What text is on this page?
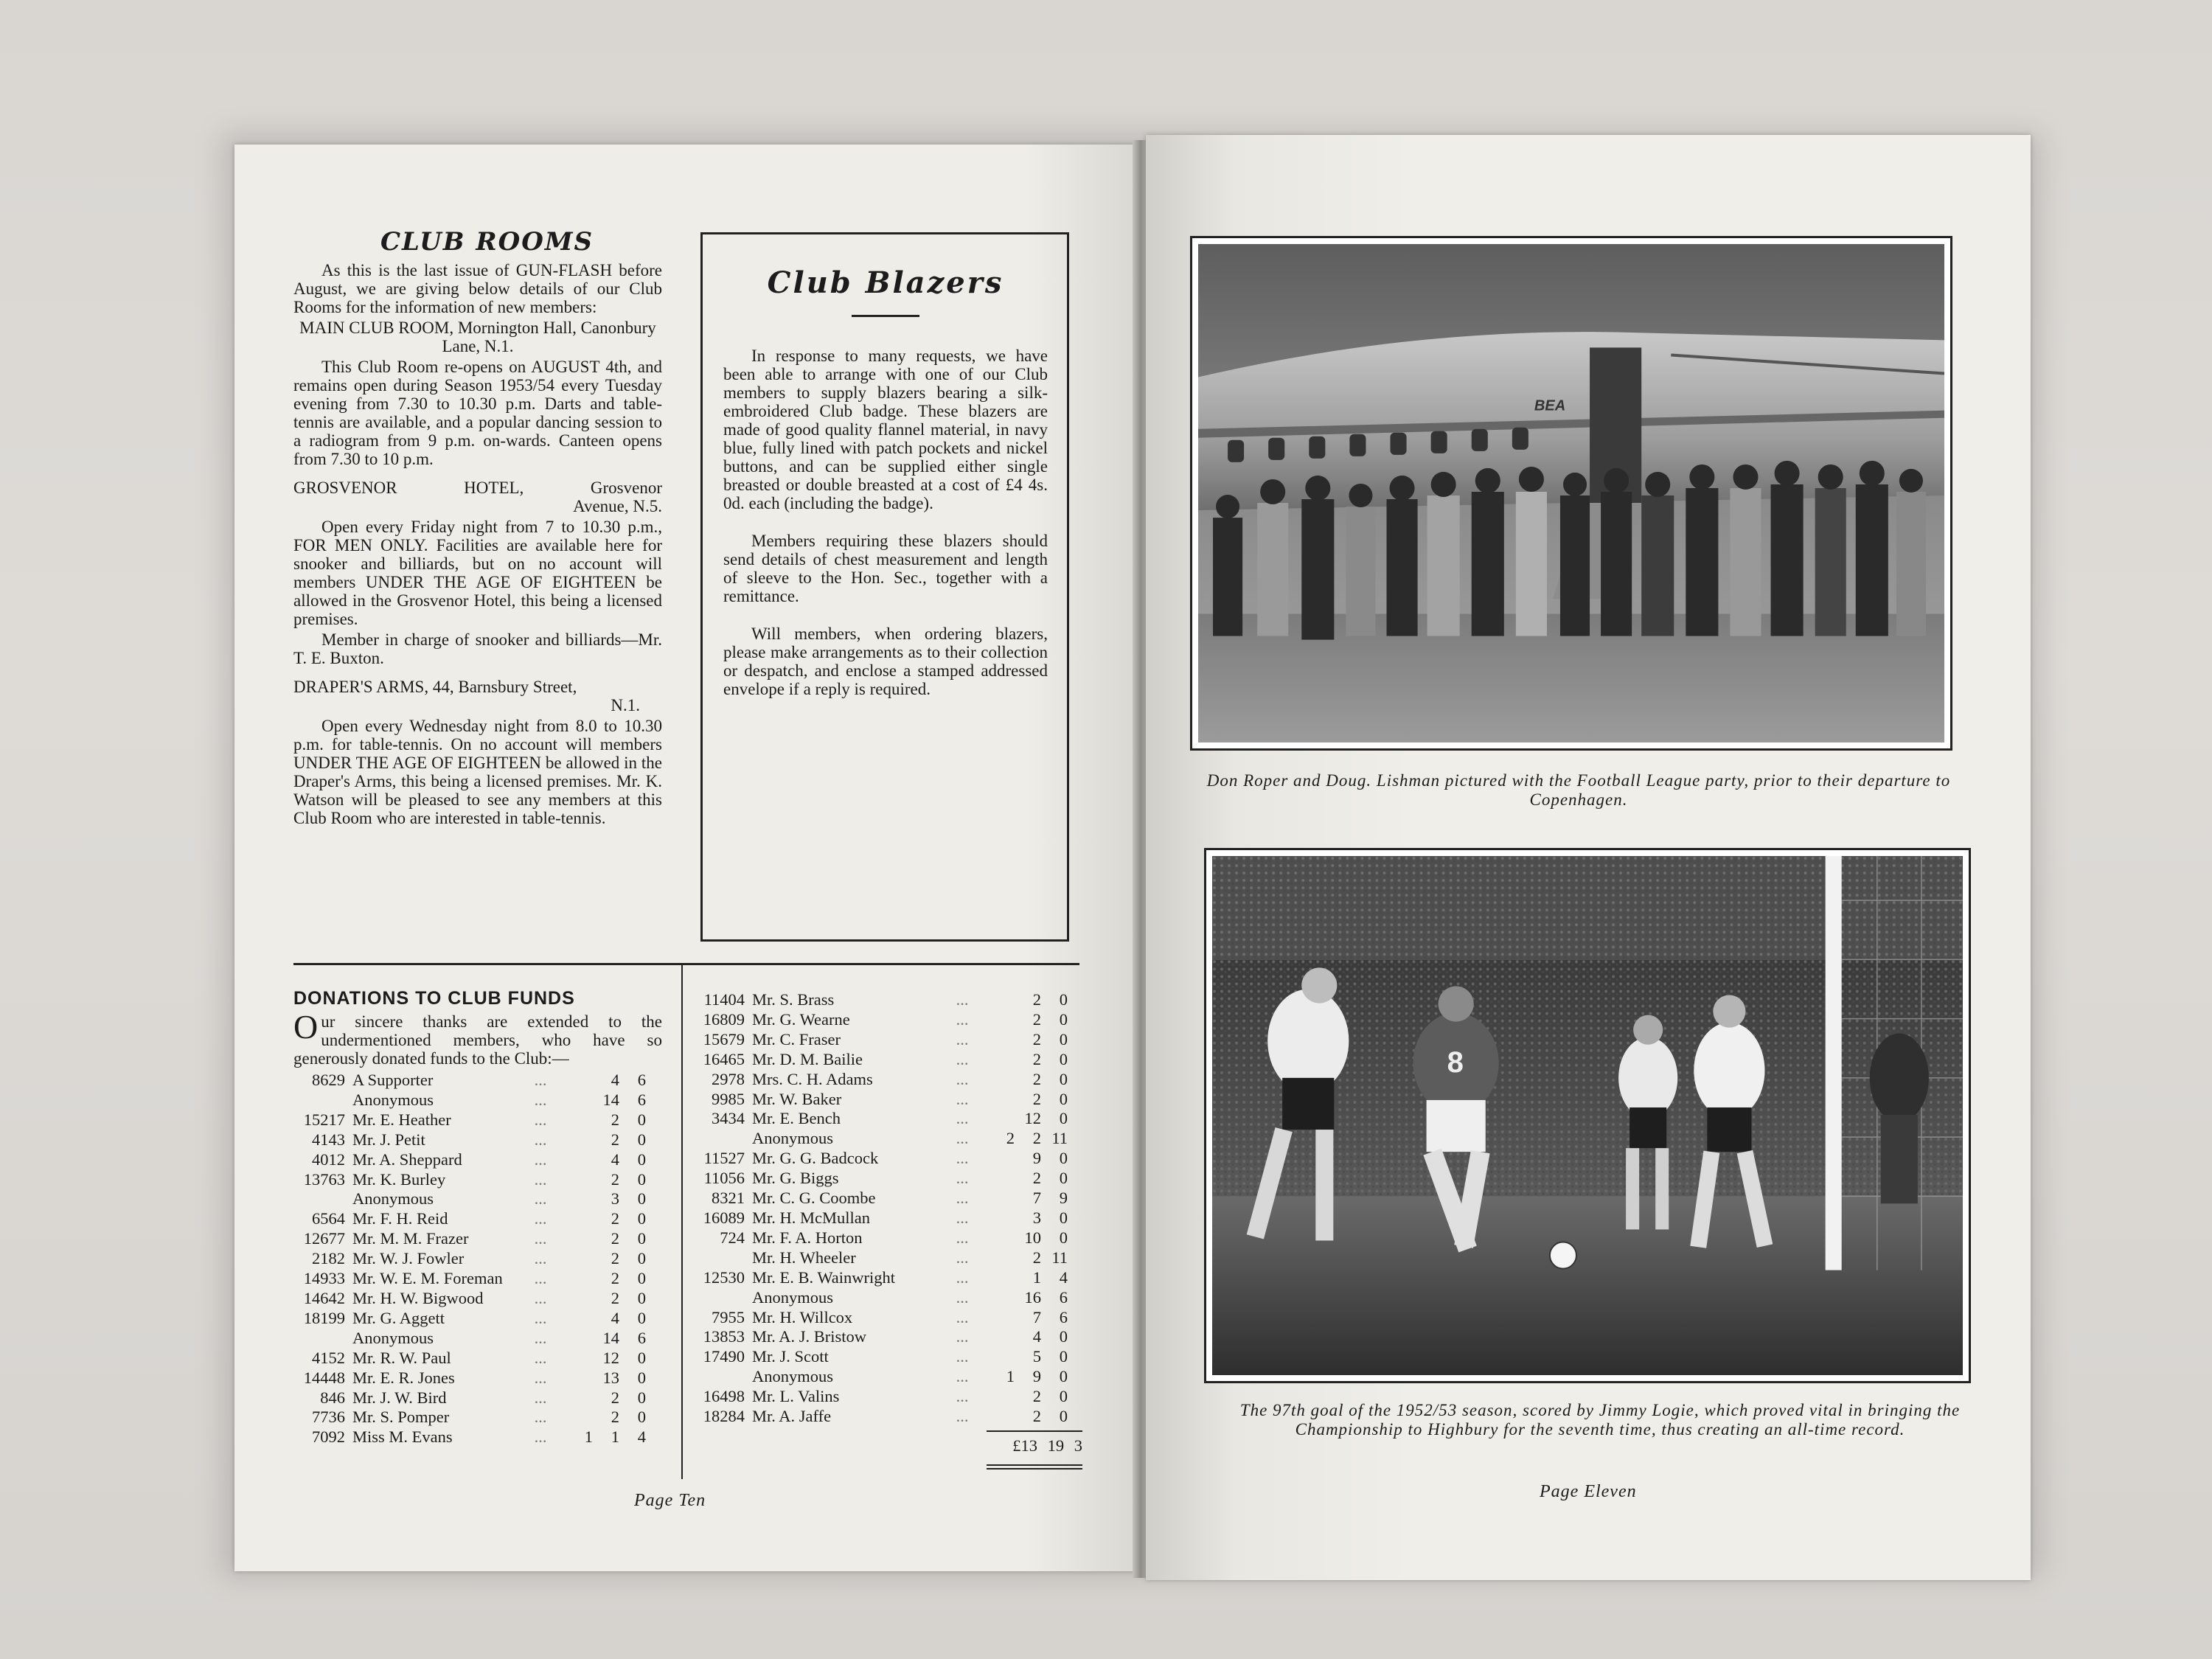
CLUB ROOMS

As this is the last issue of GUN-FLASH before August, we are giving below details of our Club Rooms for the information of new members:

MAIN CLUB ROOM, Mornington Hall, Canonbury Lane, N.1.

This Club Room re-opens on AUGUST 4th, and remains open during Season 1953/54 every Tuesday evening from 7.30 to 10.30 p.m. Darts and table-tennis are available, and a popular dancing session to a radiogram from 9 p.m. on-wards. Canteen opens from 7.30 to 10 p.m.

GROSVENOR HOTEL, Grosvenor

Avenue, N.5.

Open every Friday night from 7 to 10.30 p.m., FOR MEN ONLY. Facilities are available here for snooker and billiards, but on no account will members UNDER THE AGE OF EIGHTEEN be allowed in the Grosvenor Hotel, this being a licensed premises.

Member in charge of snooker and billiards—Mr. T. E. Buxton.

DRAPER'S ARMS, 44, Barnsbury Street,

N.1.

Open every Wednesday night from 8.0 to 10.30 p.m. for table-tennis. On no account will members UNDER THE AGE OF EIGHTEEN be allowed in the Draper's Arms, this being a licensed premises. Mr. K. Watson will be pleased to see any members at this Club Room who are interested in table-tennis.

Club Blazers

In response to many requests, we have been able to arrange with one of our Club members to supply blazers bearing a silk-embroidered Club badge. These blazers are made of good quality flannel material, in navy blue, fully lined with patch pockets and nickel buttons, and can be supplied either single breasted or double breasted at a cost of £4 4s. 0d. each (including the badge).

Members requiring these blazers should send details of chest measurement and length of sleeve to the Hon. Sec., together with a remittance.

Will members, when ordering blazers, please make arrangements as to their collection or despatch, and enclose a stamped addressed envelope if a reply is required.

DONATIONS TO CLUB FUNDS
Our sincere thanks are extended to the undermentioned members, who have so generously donated funds to the Club:—
8629 A Supporter	...	4	6
Anonymous	...	14	6
15217 Mr. E. Heather	...	2	0
4143 Mr. J. Petit	...	2	0
4012 Mr. A. Sheppard	...	4	0
13763 Mr. K. Burley	...	2	0
Anonymous	...	3	0
6564 Mr. F. H. Reid	...	2	0
12677 Mr. M. M. Frazer	...	2	0
2182 Mr. W. J. Fowler	...	2	0
14933 Mr. W. E. M. Foreman	...	2	0
14642 Mr. H. W. Bigwood	...	2	0
18199 Mr. G. Aggett	...	4	0
Anonymous	...	14	6
4152 Mr. R. W. Paul	...	12	0
14448 Mr. E. R. Jones	...	13	0
846 Mr. J. W. Bird	...	2	0
7736 Mr. S. Pomper	...	2	0
7092 Miss M. Evans	...	1	1	4
11404 Mr. S. Brass	...	2	0
16809 Mr. G. Wearne	...	2	0
15679 Mr. C. Fraser	...	2	0
16465 Mr. D. M. Bailie	...	2	0
2978 Mrs. C. H. Adams	...	2	0
9985 Mr. W. Baker	...	2	0
3434 Mr. E. Bench	...	12	0
Anonymous	...	2	2 11
11527 Mr. G. G. Badcock	...	9	0
11056 Mr. G. Biggs	...	2	0
8321 Mr. C. G. Coombe	...	7	9
16089 Mr. H. McMullan	...	3	0
724 Mr. F. A. Horton	...	10	0
Mr. H. Wheeler	...	2 11
12530 Mr. E. B. Wainwright	...	1	4
Anonymous	...	16	6
7955 Mr. H. Willcox	...	7	6
13853 Mr. A. J. Bristow	...	4	0
17490 Mr. J. Scott	...	5	0
Anonymous	...	1	9	0
16498 Mr. L. Valins	...	2	0
18284 Mr. A. Jaffe	...	2	0
£13 19 3
Page Ten	Page Eleven
BEA
Don Roper and Doug. Lishman pictured with the Football League party, prior to their departure to Copenhagen.
8
The 97th goal of the 1952/53 season, scored by Jimmy Logie, which proved vital in bringing the Championship to Highbury for the seventh time, thus creating an all-time record.
